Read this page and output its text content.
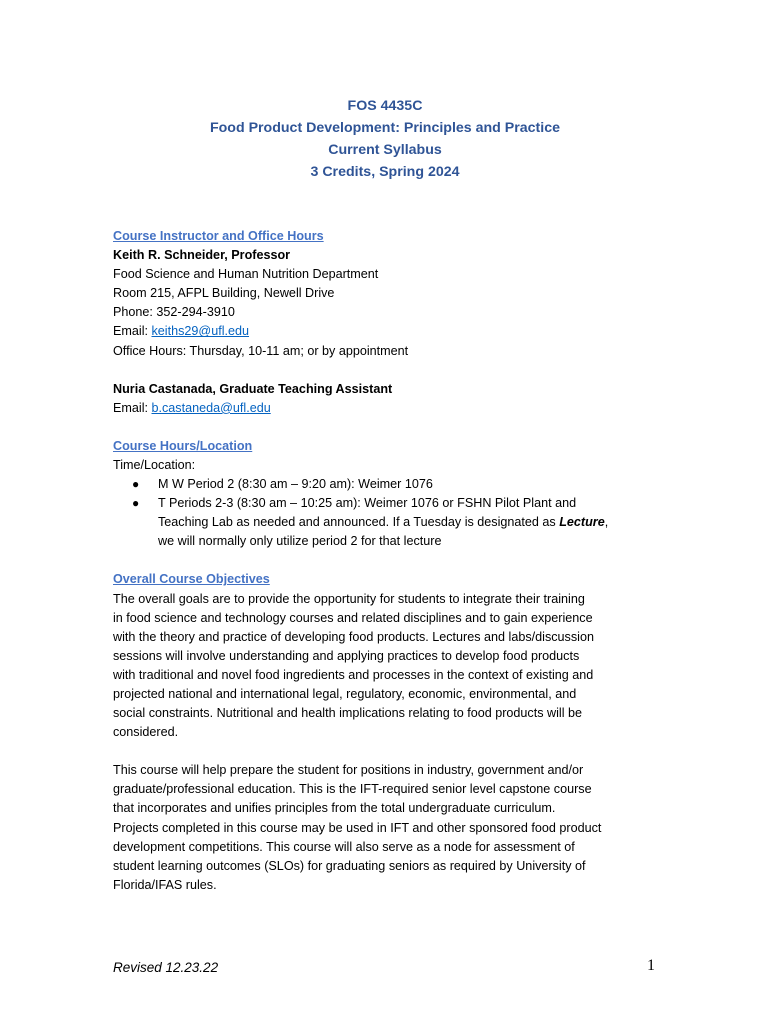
FOS 4435C
Food Product Development: Principles and Practice
Current Syllabus
3 Credits, Spring 2024
Course Instructor and Office Hours
Keith R. Schneider, Professor
Food Science and Human Nutrition Department
Room 215, AFPL Building, Newell Drive
Phone: 352-294-3910
Email: keiths29@ufl.edu
Office Hours: Thursday, 10-11 am; or by appointment
Nuria Castanada, Graduate Teaching Assistant
Email: b.castaneda@ufl.edu
Course Hours/Location
Time/Location:
● M W Period 2 (8:30 am – 9:20 am): Weimer 1076
● T Periods 2-3 (8:30 am – 10:25 am): Weimer 1076 or FSHN Pilot Plant and
Teaching Lab as needed and announced. If a Tuesday is designated as Lecture,
we will normally only utilize period 2 for that lecture
Overall Course Objectives
The overall goals are to provide the opportunity for students to integrate their training
in food science and technology courses and related disciplines and to gain experience
with the theory and practice of developing food products. Lectures and labs/discussion
sessions will involve understanding and applying practices to develop food products
with traditional and novel food ingredients and processes in the context of existing and
projected national and international legal, regulatory, economic, environmental, and
social constraints. Nutritional and health implications relating to food products will be
considered.
This course will help prepare the student for positions in industry, government and/or
graduate/professional education. This is the IFT-required senior level capstone course
that incorporates and unifies principles from the total undergraduate curriculum.
Projects completed in this course may be used in IFT and other sponsored food product
development competitions. This course will also serve as a node for assessment of
student learning outcomes (SLOs) for graduating seniors as required by University of
Florida/IFAS rules.
Revised 12.23.22	1
